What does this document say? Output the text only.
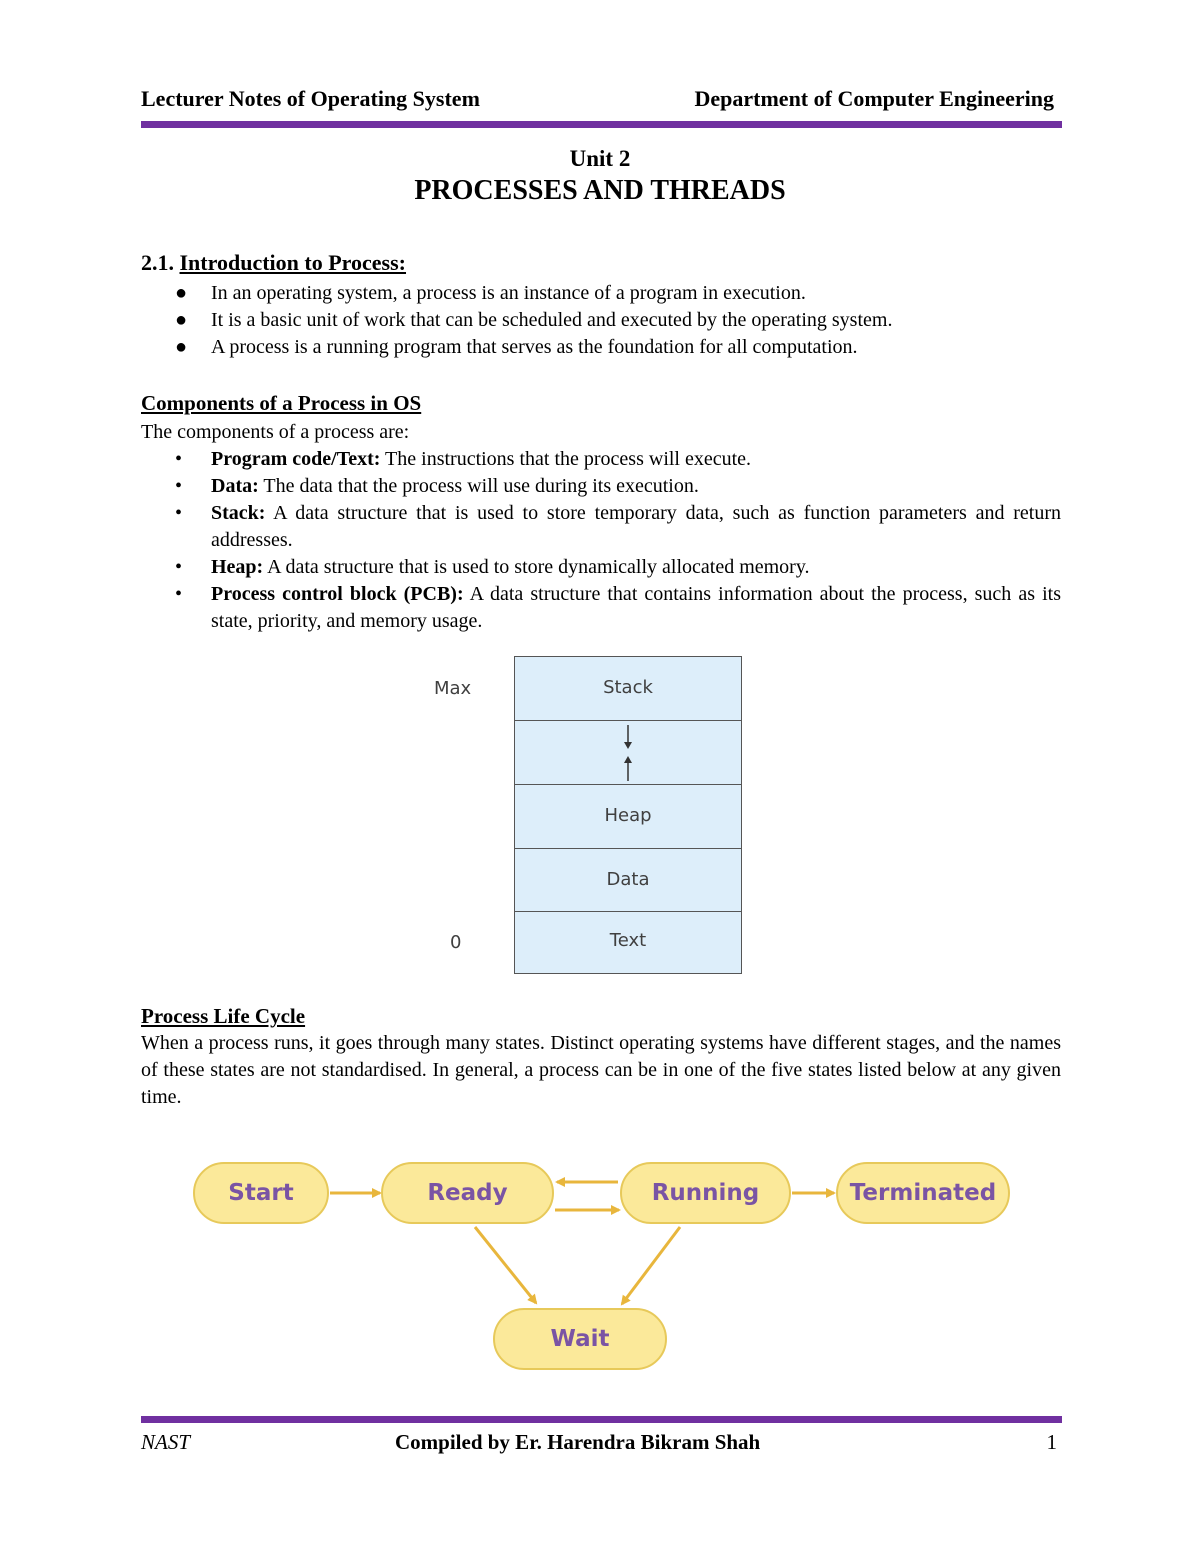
Lecturer Notes of Operating System	Department of Computer Engineering
Unit 2
PROCESSES AND THREADS
2.1. Introduction to Process:
● In an operating system, a process is an instance of a program in execution.
● It is a basic unit of work that can be scheduled and executed by the operating system.
● A process is a running program that serves as the foundation for all computation.
Components of a Process in OS
The components of a process are:
• Program code/Text: The instructions that the process will execute.
• Data: The data that the process will use during its execution.
• Stack: A data structure that is used to store temporary data, such as function parameters and return addresses.
• Heap: A data structure that is used to store dynamically allocated memory.
• Process control block (PCB): A data structure that contains information about the process, such as its state, priority, and memory usage.
Max
0
Stack
Heap
Data
Text
Process Life Cycle
When a process runs, it goes through many states. Distinct operating systems have different stages, and the names of these states are not standardised. In general, a process can be in one of the five states listed below at any given time.
Start	Ready	Running	Terminated
Wait
NAST	Compiled by Er. Harendra Bikram Shah	1
